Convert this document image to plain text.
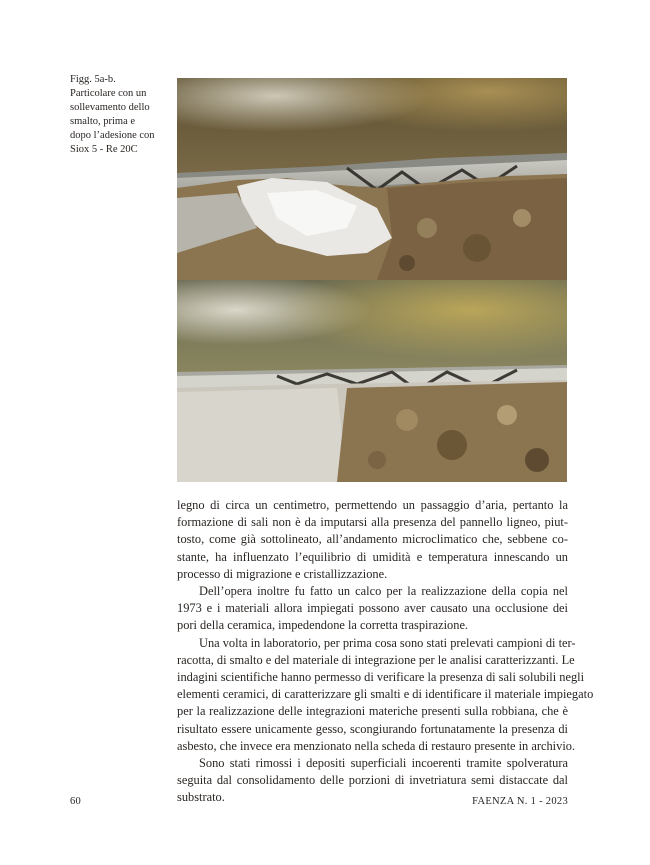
Figg. 5a-b.
Particolare con un
sollevamento dello
smalto, prima e
dopo l’adesione con
Siox 5 - Re 20C
legno di circa un centimetro, permettendo un passaggio d’aria, pertanto la
formazione di sali non è da imputarsi alla presenza del pannello ligneo, piut-
tosto, come già sottolineato, all’andamento microclimatico che, sebbene co-
stante, ha influenzato l’equilibrio di umidità e temperatura innescando un
processo di migrazione e cristallizzazione.
Dell’opera inoltre fu fatto un calco per la realizzazione della copia nel
1973 e i materiali allora impiegati possono aver causato una occlusione dei
pori della ceramica, impedendone la corretta traspirazione.
Una volta in laboratorio, per prima cosa sono stati prelevati campioni di ter-
racotta, di smalto e del materiale di integrazione per le analisi caratterizzanti. Le
indagini scientifiche hanno permesso di verificare la presenza di sali solubili negli
elementi ceramici, di caratterizzare gli smalti e di identificare il materiale impiegato
per la realizzazione delle integrazioni materiche presenti sulla robbiana, che è
risultato essere unicamente gesso, scongiurando fortunatamente la presenza di
asbesto, che invece era menzionato nella scheda di restauro presente in archivio.
Sono stati rimossi i depositi superficiali incoerenti tramite spolveratura
seguita dal consolidamento delle porzioni di invetriatura semi distaccate dal
substrato.
60	FAENZA N. 1 - 2023
